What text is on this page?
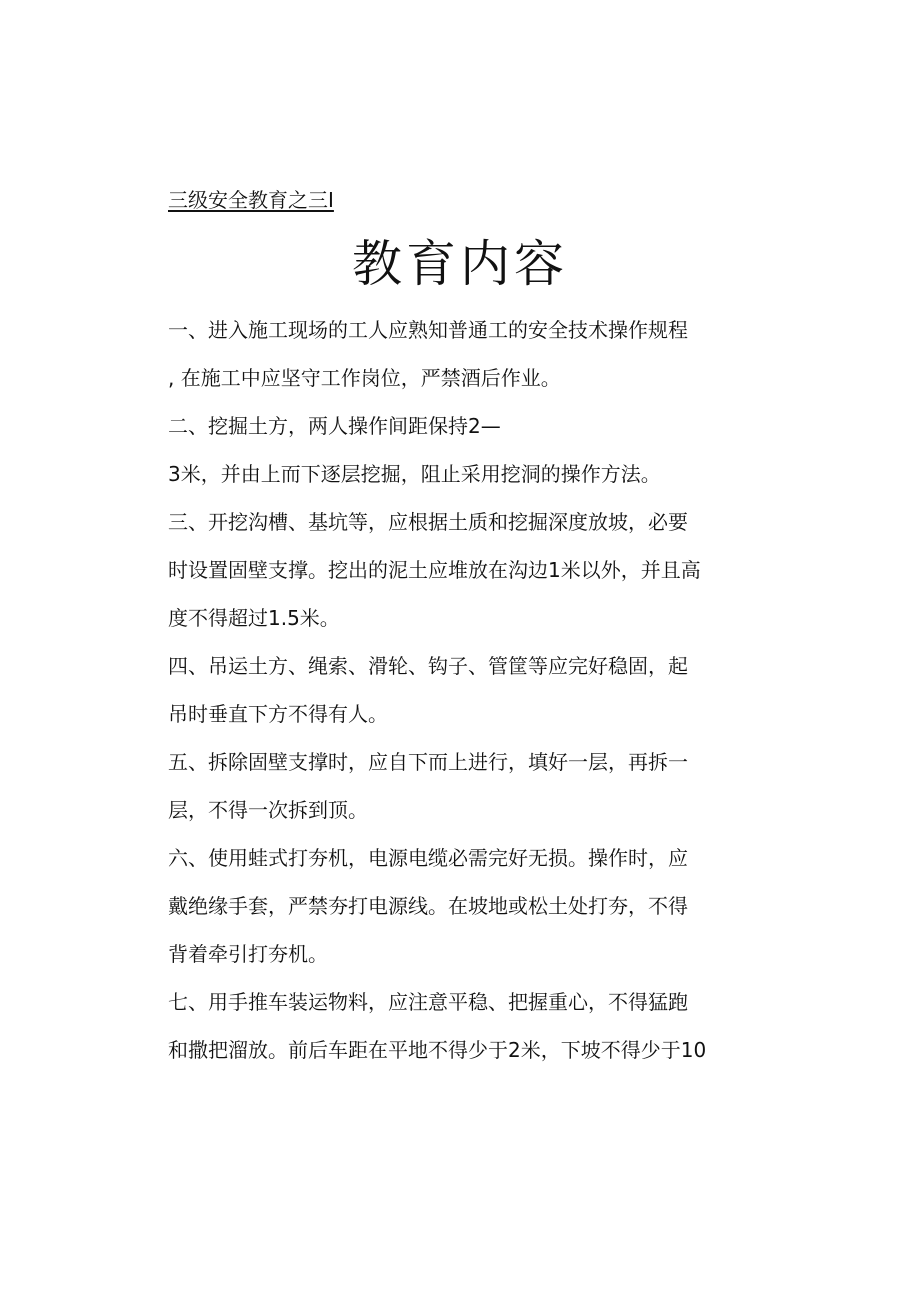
三级安全教育之三I
教育内容
一、进入施工现场的工人应熟知普通工的安全技术操作规程
, 在施工中应坚守工作岗位，严禁酒后作业。
二、挖掘土方，两人操作间距保持2—
3米，并由上而下逐层挖掘，阻止采用挖洞的操作方法。
三、开挖沟槽、基坑等，应根据土质和挖掘深度放坡，必要
时设置固壁支撑。挖出的泥土应堆放在沟边1米以外，并且高
度不得超过1.5米。
四、吊运土方、绳索、滑轮、钩子、管筐等应完好稳固，起
吊时垂直下方不得有人。
五、拆除固壁支撑时，应自下而上进行，填好一层，再拆一
层，不得一次拆到顶。
六、使用蛙式打夯机，电源电缆必需完好无损。操作时，应
戴绝缘手套，严禁夯打电源线。在坡地或松土处打夯，不得
背着牵引打夯机。
七、用手推车装运物料，应注意平稳、把握重心，不得猛跑
和撒把溜放。前后车距在平地不得少于2米，下坡不得少于10
